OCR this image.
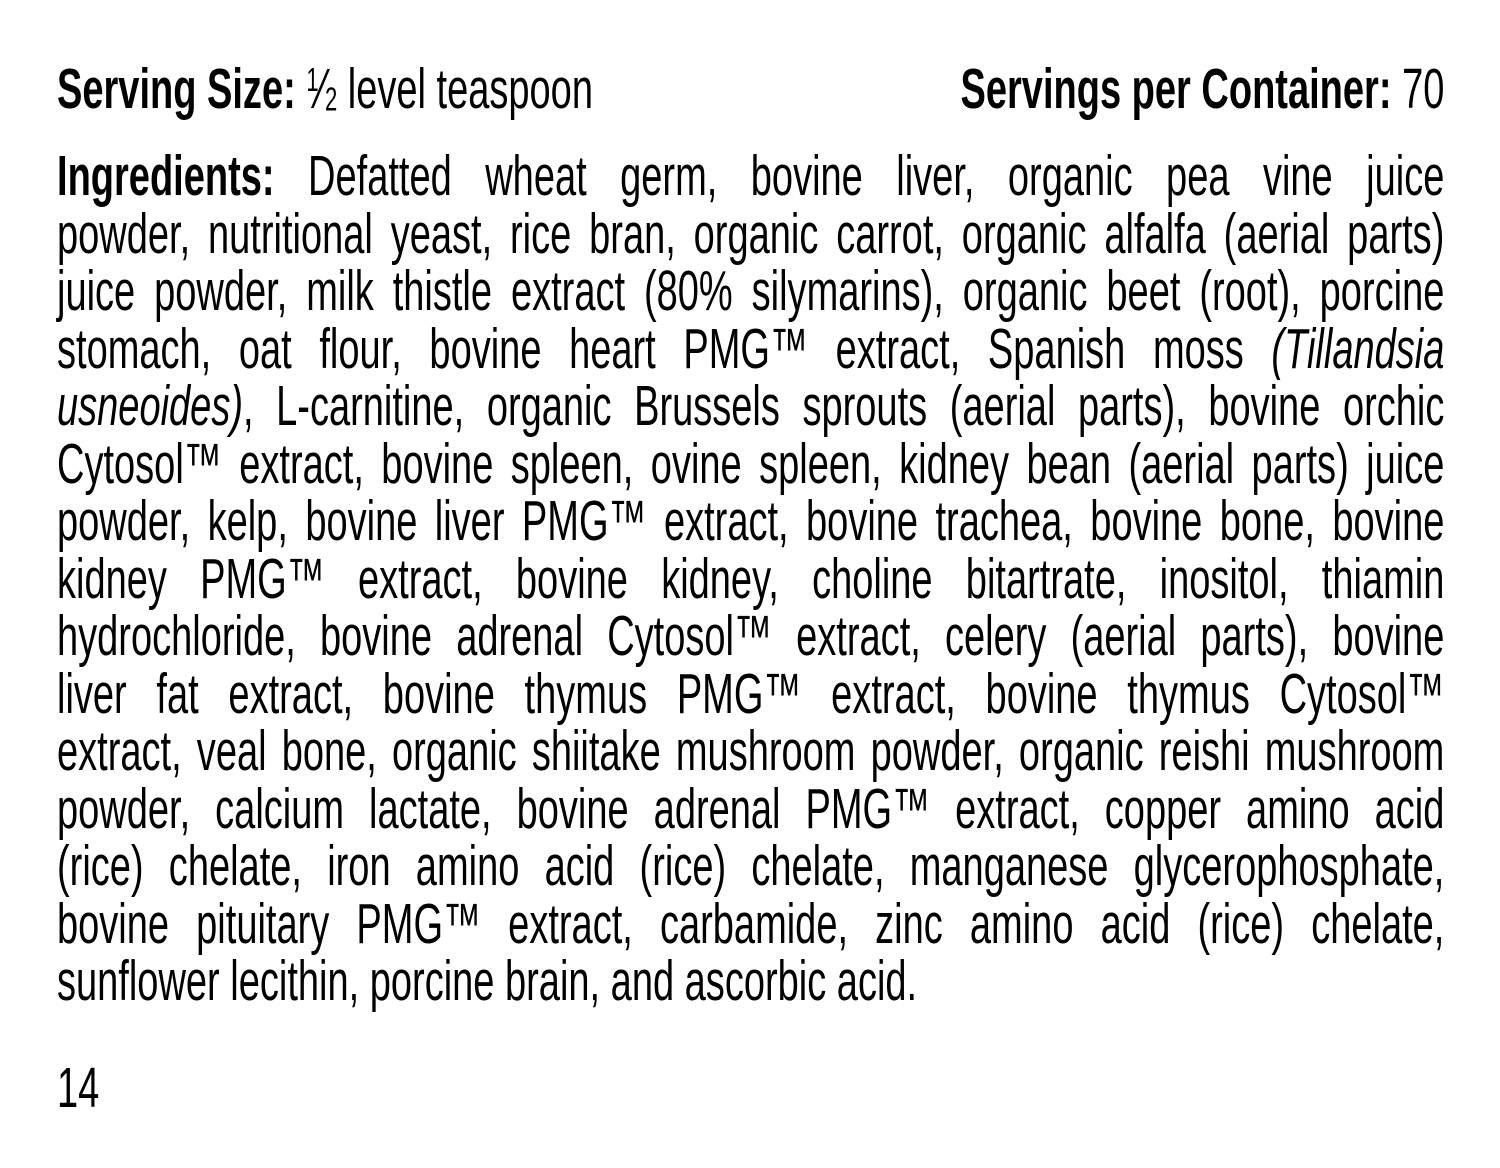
Serving Size: $^1$⁄2 level teaspoon	Servings per Container: 70
Ingredients: Defatted wheat germ, bovine liver, organic pea vine juice
powder, nutritional yeast, rice bran, organic carrot, organic alfalfa (aerial parts)
juice powder, milk thistle extract (80% silymarins), organic beet (root), porcine
stomach, oat flour, bovine heart PMG™ extract, Spanish moss (Tillandsia
usneoides), L-carnitine, organic Brussels sprouts (aerial parts), bovine orchic
Cytosol™ extract, bovine spleen, ovine spleen, kidney bean (aerial parts) juice
powder, kelp, bovine liver PMG™ extract, bovine trachea, bovine bone, bovine
kidney PMG™ extract, bovine kidney, choline bitartrate, inositol, thiamin
hydrochloride, bovine adrenal Cytosol™ extract, celery (aerial parts), bovine
liver fat extract, bovine thymus PMG™ extract, bovine thymus Cytosol™
extract, veal bone, organic shiitake mushroom powder, organic reishi mushroom
powder, calcium lactate, bovine adrenal PMG™ extract, copper amino acid
(rice) chelate, iron amino acid (rice) chelate, manganese glycerophosphate,
bovine pituitary PMG™ extract, carbamide, zinc amino acid (rice) chelate,
sunflower lecithin, porcine brain, and ascorbic acid.
14
